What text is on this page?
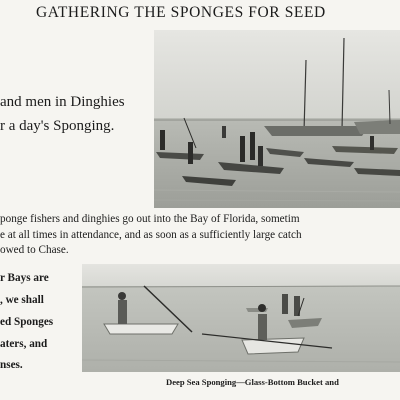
GATHERING THE SPONGES FOR SEED
and men in Dinghies
r a day's Sponging.
ponge fishers and dinghies go out into the Bay of Florida, sometim
e at all times in attendance, and as soon as a sufficiently large catch
owed to Chase.
r Bays are
, we shall
ed Sponges
aters, and
nses.
Deep Sea Sponging—Glass-Bottom Bucket and
